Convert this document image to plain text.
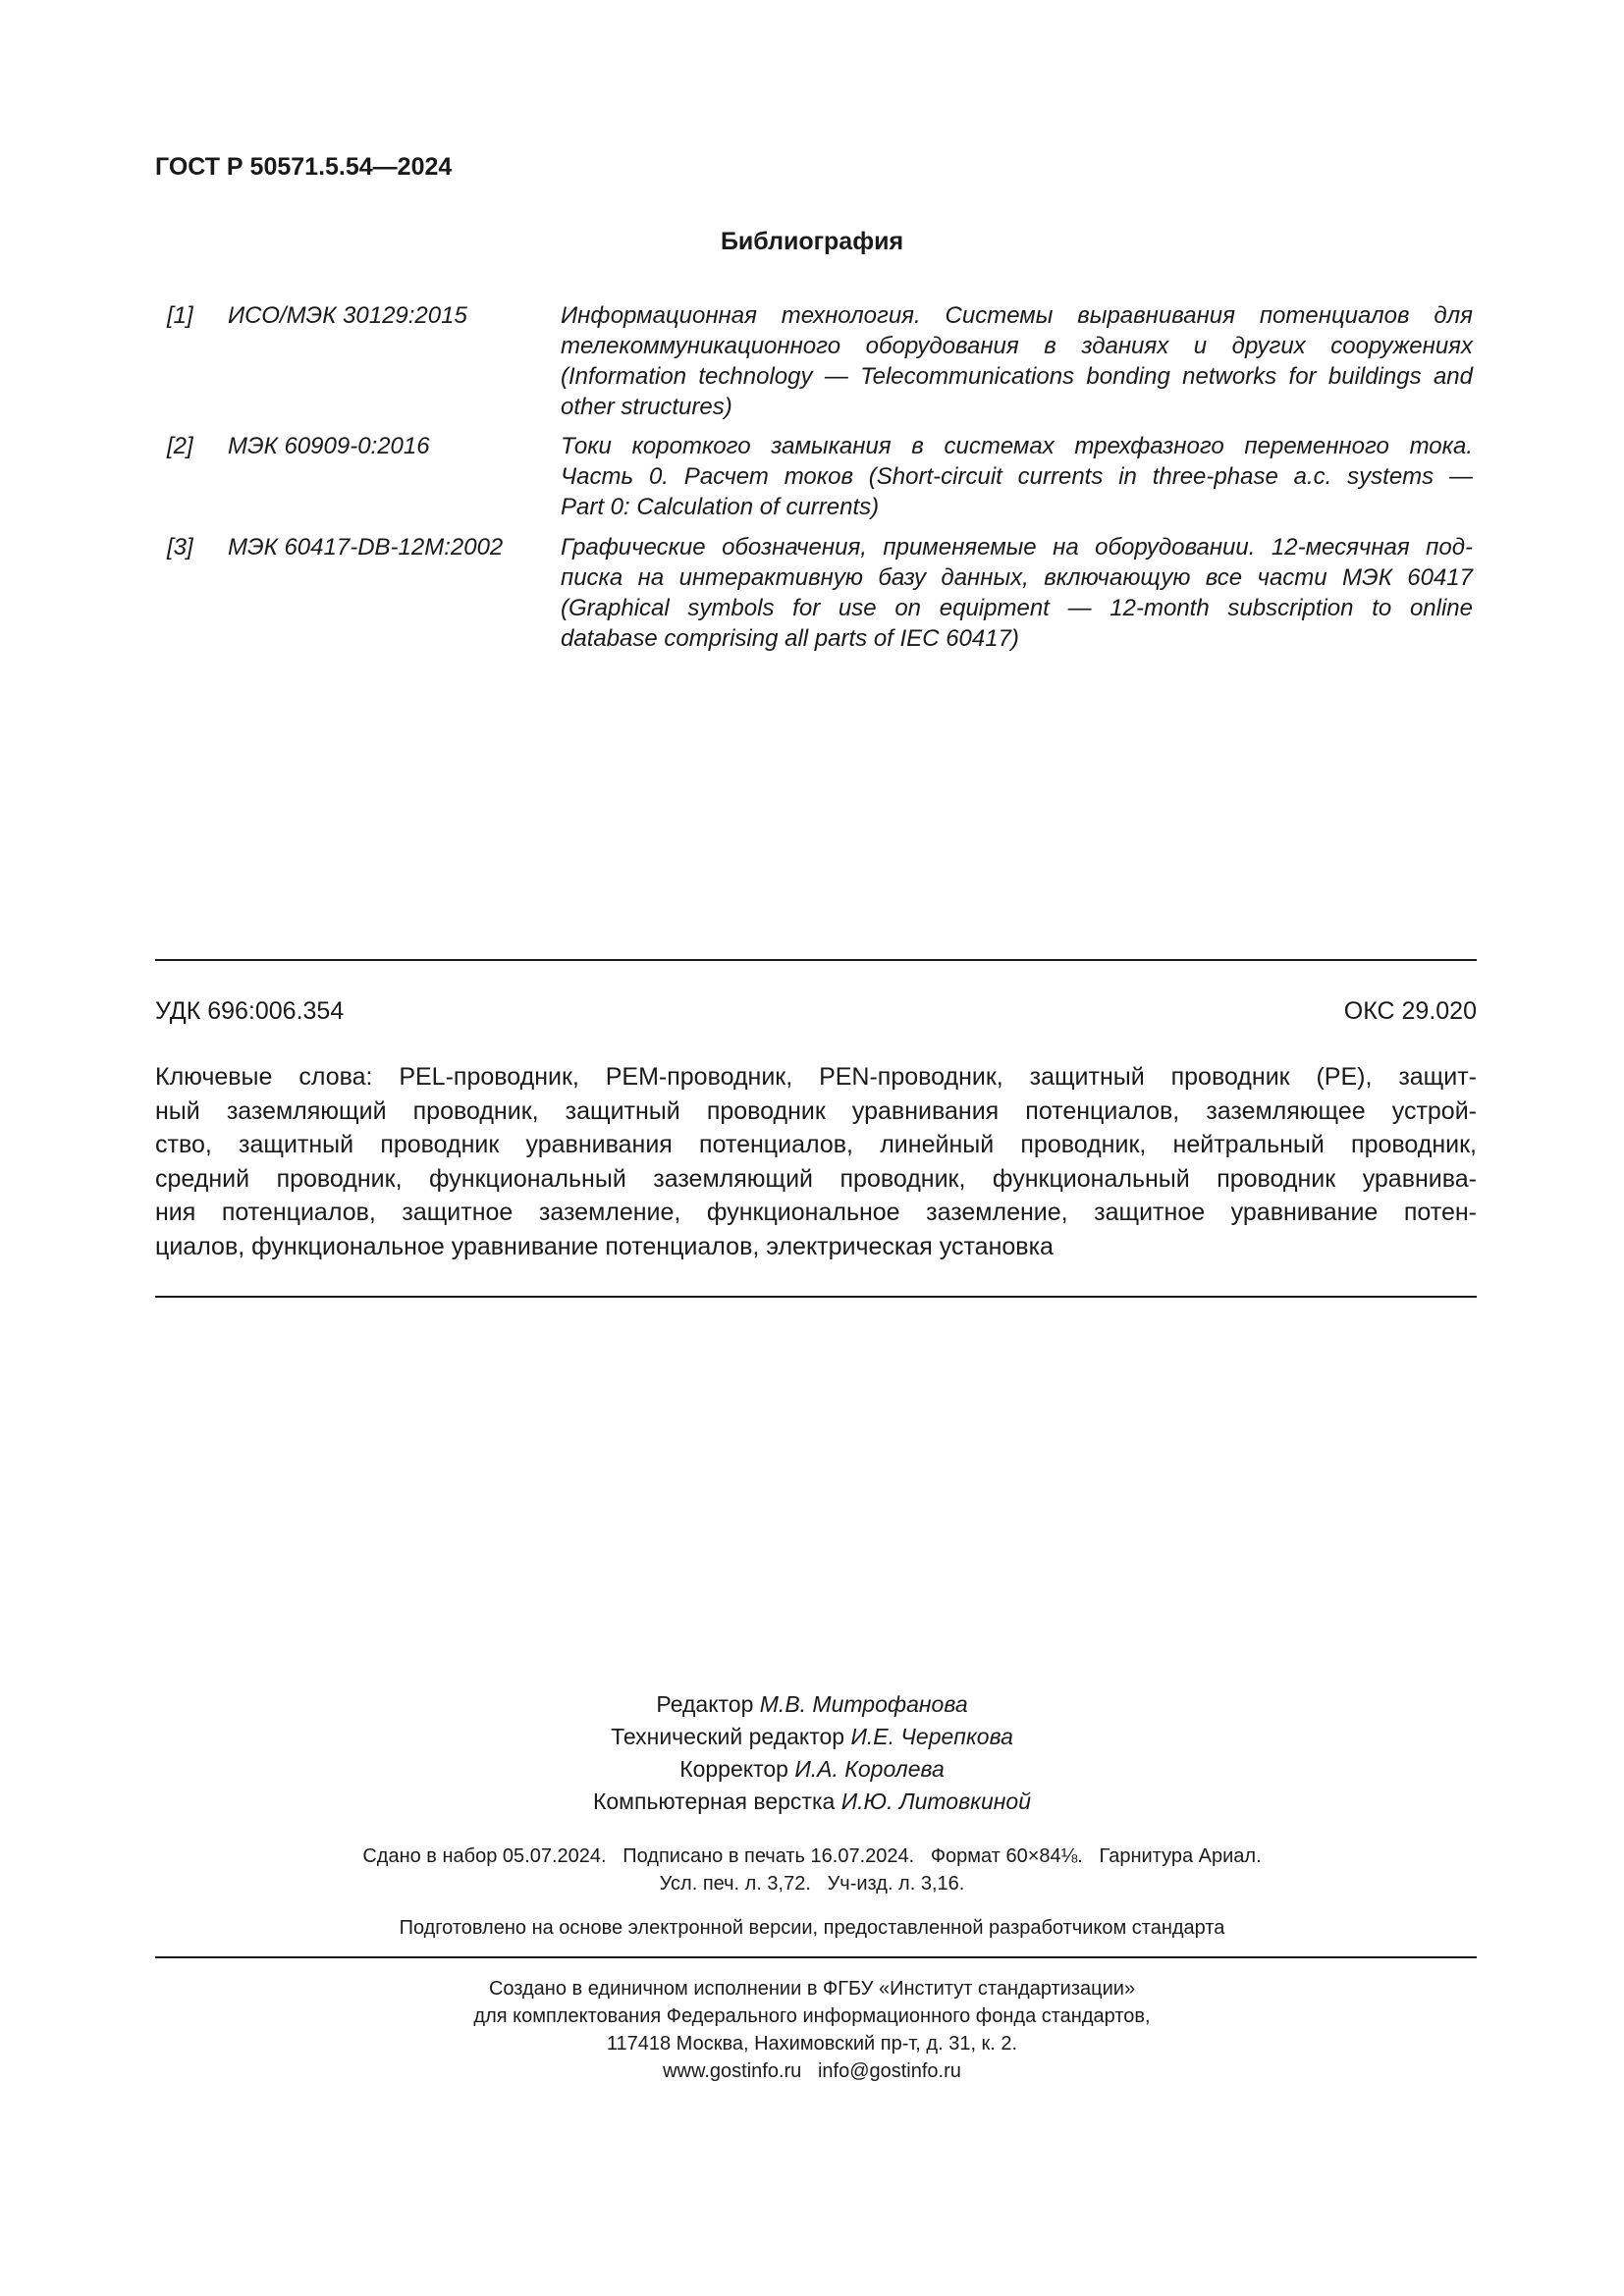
ГОСТ Р 50571.5.54—2024
Библиография
[1] ИСО/МЭК 30129:2015	Информационная технология. Системы выравнивания потенциалов для
телекоммуникационного оборудования в зданиях и других сооружениях
(Information technology — Telecommunications bonding networks for buildings and
other structures)
[2] МЭК 60909-0:2016	Токи короткого замыкания в системах трехфазного переменного тока.
Часть 0. Расчет токов (Short-circuit currents in three-phase a.c. systems —
Part 0: Calculation of currents)
[3] МЭК 60417-DB-12M:2002 Графические обозначения, применяемые на оборудовании. 12-месячная под-
писка на интерактивную базу данных, включающую все части МЭК 60417
(Graphical symbols for use on equipment — 12-month subscription to online
database comprising all parts of IEC 60417)
УДК 696:006.354	ОКС 29.020
Ключевые слова: PEL-проводник, PEM-проводник, PEN-проводник, защитный проводник (PE), защит-
ный заземляющий проводник, защитный проводник уравнивания потенциалов, заземляющее устрой-
ство, защитный проводник уравнивания потенциалов, линейный проводник, нейтральный проводник,
средний проводник, функциональный заземляющий проводник, функциональный проводник уравнива-
ния потенциалов, защитное заземление, функциональное заземление, защитное уравнивание потен-
циалов, функциональное уравнивание потенциалов, электрическая установка
Редактор М.В. Митрофанова
Технический редактор И.Е. Черепкова
Корректор И.А. Королева
Компьютерная верстка И.Ю. Литовкиной
Сдано в набор 05.07.2024.   Подписано в печать 16.07.2024.   Формат 60×84⅛.   Гарнитура Ариал.
Усл. печ. л. 3,72.   Уч-изд. л. 3,16.
Подготовлено на основе электронной версии, предоставленной разработчиком стандарта
Создано в единичном исполнении в ФГБУ «Институт стандартизации»
для комплектования Федерального информационного фонда стандартов,
117418 Москва, Нахимовский пр-т, д. 31, к. 2.
www.gostinfo.ru   info@gostinfo.ru
